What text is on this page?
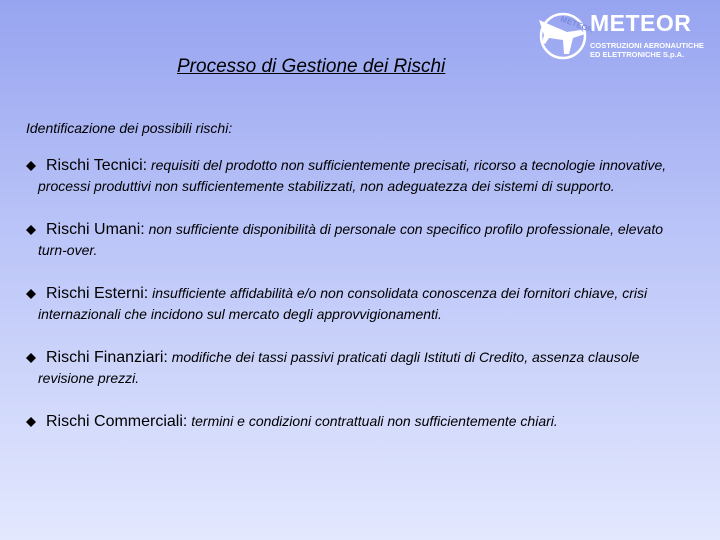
METEOR
METEOR
COSTRUZIONI AERONAUTICHE
ED ELETTRONICHE S.p.A.
Processo di Gestione dei Rischi
Identificazione dei possibili rischi:
Rischi Tecnici: requisiti del prodotto non sufficientemente precisati, ricorso a tecnologie innovative, processi produttivi non sufficientemente stabilizzati, non adeguatezza dei sistemi di supporto.
Rischi Umani: non sufficiente disponibilità di personale con specifico profilo professionale, elevato turn-over.
Rischi Esterni: insufficiente affidabilità e/o non consolidata conoscenza dei fornitori chiave, crisi internazionali che incidono sul mercato degli approvvigionamenti.
Rischi Finanziari: modifiche dei tassi passivi praticati dagli Istituti di Credito, assenza clausole revisione prezzi.
Rischi Commerciali: termini e condizioni contrattuali non sufficientemente chiari.
